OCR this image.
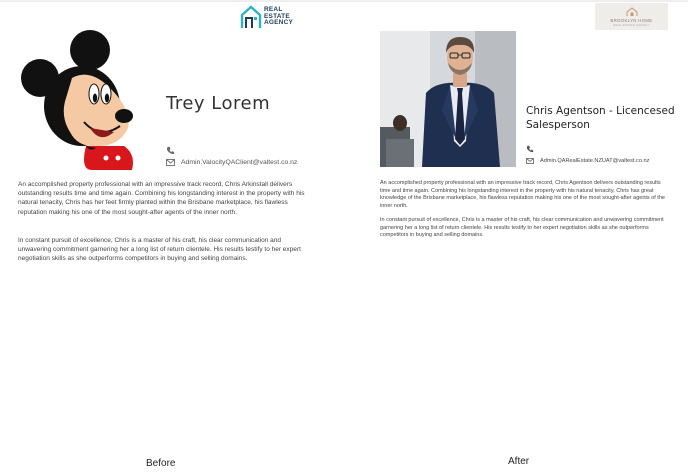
REAL
ESTATE
AGENCY
Trey Lorem
Admin.ValocityQAClient@valtest.co.nz

An accomplished property professional with an impressive track record, Chris Arkinstall delivers outstanding results time and time again. Combining his longstanding interest in the property with his natural tenacity, Chris has her feet firmly planted within the Brisbane marketplace, his flawless reputation making his one of the most sought-after agents of the inner north.

In constant pursuit of excellence, Chris is a master of his craft, his clear communication and unwavering commitment garnering her a long list of return clientele. His results testify to her expert negotiation skills as she outperforms competitors in buying and selling domains.

Before
BROOKLYN HOME
REAL ESTATE AGENCY
Chris Agentson - Licencesed Salesperson
Admin.QARealEstate.NZUAT@valtest.co.nz

An accomplished property professional with an impressive track record, Chris Agentson delivers outstanding results time and time again. Combining his longstanding interest in the property with his natural tenacity, Chris has great knowledge of the Brisbane marketplace, his flawless reputation making his one of the most sought-after agents of the inner north.

In constant pursuit of excellence, Chris is a master of his craft, his clear communication and unwavering commitment garnering her a long list of return clientele. His results testify to her expert negotiation skills as she outperforms competitors in buying and selling domains.

After
